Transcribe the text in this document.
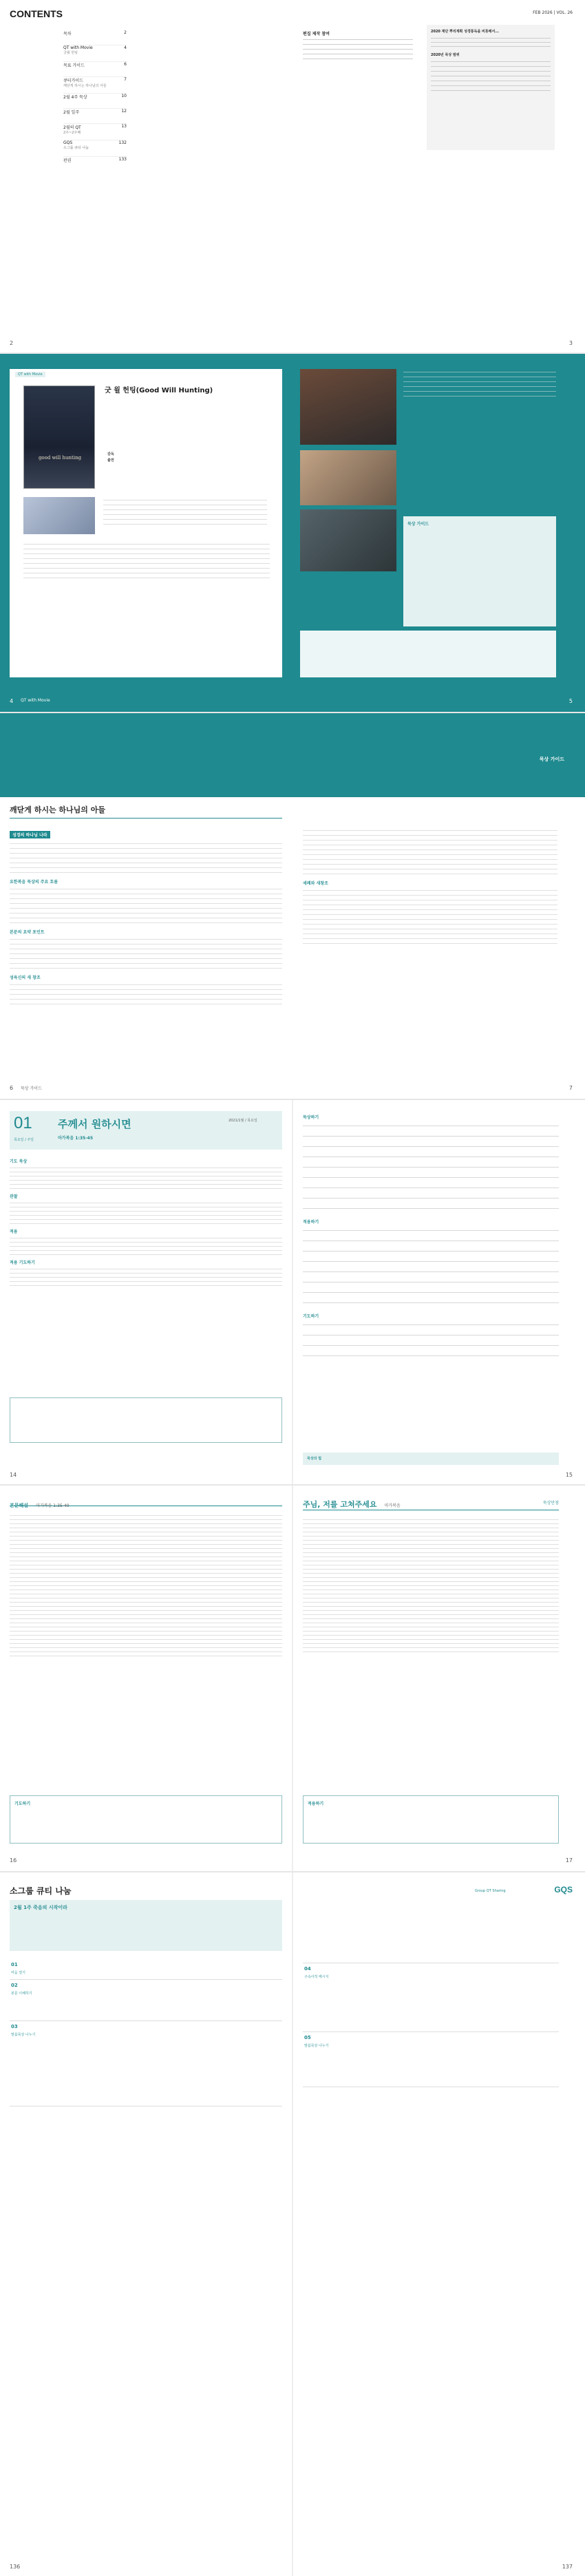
CONTENTS	FEB 2026 | VOL. 26
목차	2
QT with Movie	4
굿윌 헌팅
목표 가이드	6
큐티가이드	7
깨닫게 하시는 하나님의 아들
2월 4주 묵상	10
2월 일주	12
2월의 QT	13
2주~2주째
GQS	132
소그룹 큐티 나눔
판권	133
편집 제작 참여	2020 재단 뿌리계획 성경통독을 비롯해서...
2020년 묵상 범위
2	3
QT with Movie
굿 윌 헌팅(Good Will Hunting)
good will hunting
감독
출연
묵상 가이드
4 QT with Movie	5
묵상 가이드
깨닫게 하시는 하나님의 아들
성경의 하나님 나라
요한복음 묵상의 주요 흐름
본문의 요약 포인트
성육신의 새 창조
세례와 새창조
6 묵상 가이드	7
01
목요일 / 주일
주께서 원하시면
마가복음 1:35-45
2021/1월 / 목요일
기도 묵상
관찰
적용
적용 기도하기
묵상하기
적용하기
기도하기
묵상의 팁
14	15
본문해설 마가복음 1:35-40
기도하기
주님, 저를 고쳐주세요 마가복음
묵상만점
적용하기
16	17
소그룹 큐티 나눔	Group QT Sharing	GQS
2월 1주 죽음의 시작이라
01
마음 열기
02
본문 이해하기
03
말씀묵상 나누기
04
구속사적 메시지
05
말씀묵상 나누기
136	137
